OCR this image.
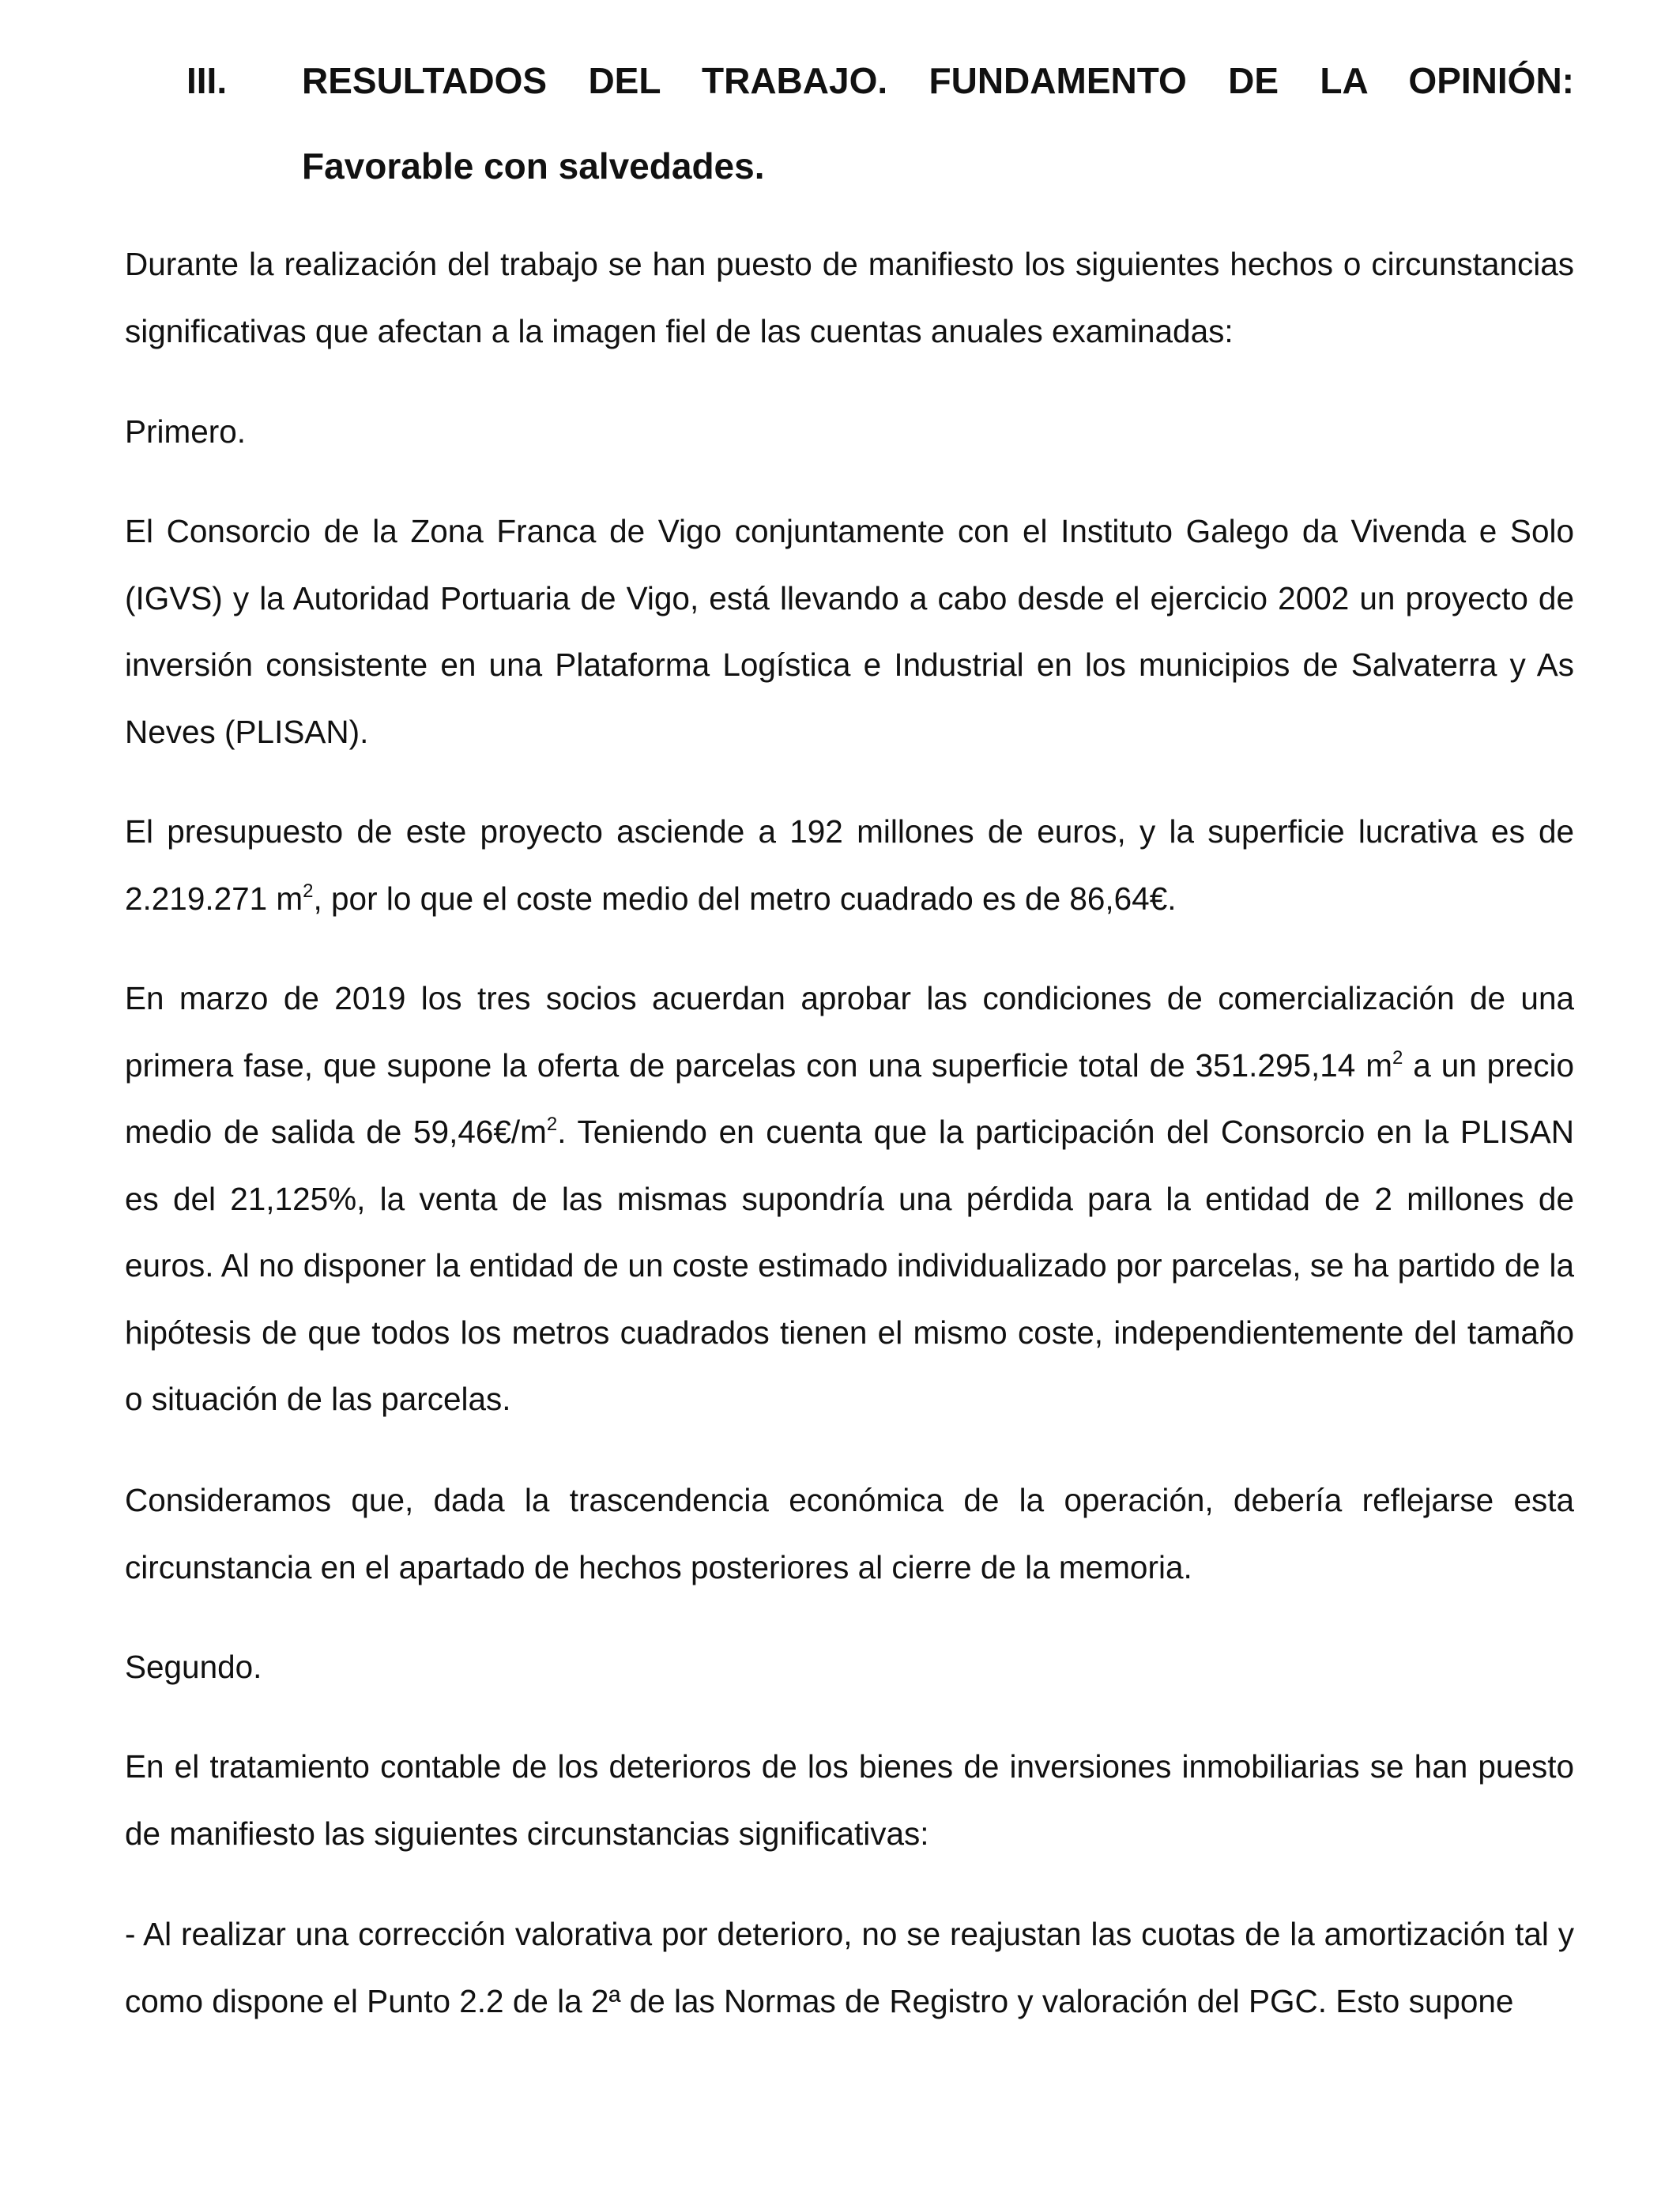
III. RESULTADOS DEL TRABAJO. FUNDAMENTO DE LA OPINIÓN:
Favorable con salvedades.

Durante la realización del trabajo se han puesto de manifiesto los siguientes hechos o circunstancias significativas que afectan a la imagen fiel de las cuentas anuales examinadas:

Primero.

El Consorcio de la Zona Franca de Vigo conjuntamente con el Instituto Galego da Vivenda e Solo (IGVS) y la Autoridad Portuaria de Vigo, está llevando a cabo desde el ejercicio 2002 un proyecto de inversión consistente en una Plataforma Logística e Industrial en los municipios de Salvaterra y As Neves (PLISAN).

El presupuesto de este proyecto asciende a 192 millones de euros, y la superficie lucrativa es de 2.219.271 $m^2$, por lo que el coste medio del metro cuadrado es de 86,64€.

En marzo de 2019 los tres socios acuerdan aprobar las condiciones de comercialización de una primera fase, que supone la oferta de parcelas con una superficie total de 351.295,14 $m^2$ a un precio medio de salida de $59,46€/m^2$. Teniendo en cuenta que la participación del Consorcio en la PLISAN es del 21,125%, la venta de las mismas supondría una pérdida para la entidad de 2 millones de euros. Al no disponer la entidad de un coste estimado individualizado por parcelas, se ha partido de la hipótesis de que todos los metros cuadrados tienen el mismo coste, independientemente del tamaño o situación de las parcelas.

Consideramos que, dada la trascendencia económica de la operación, debería reflejarse esta circunstancia en el apartado de hechos posteriores al cierre de la memoria.

Segundo.

En el tratamiento contable de los deterioros de los bienes de inversiones inmobiliarias se han puesto de manifiesto las siguientes circunstancias significativas:

- Al realizar una corrección valorativa por deterioro, no se reajustan las cuotas de la amortización tal y como dispone el Punto 2.2 de la 2ª de las Normas de Registro y valoración del PGC. Esto supone
